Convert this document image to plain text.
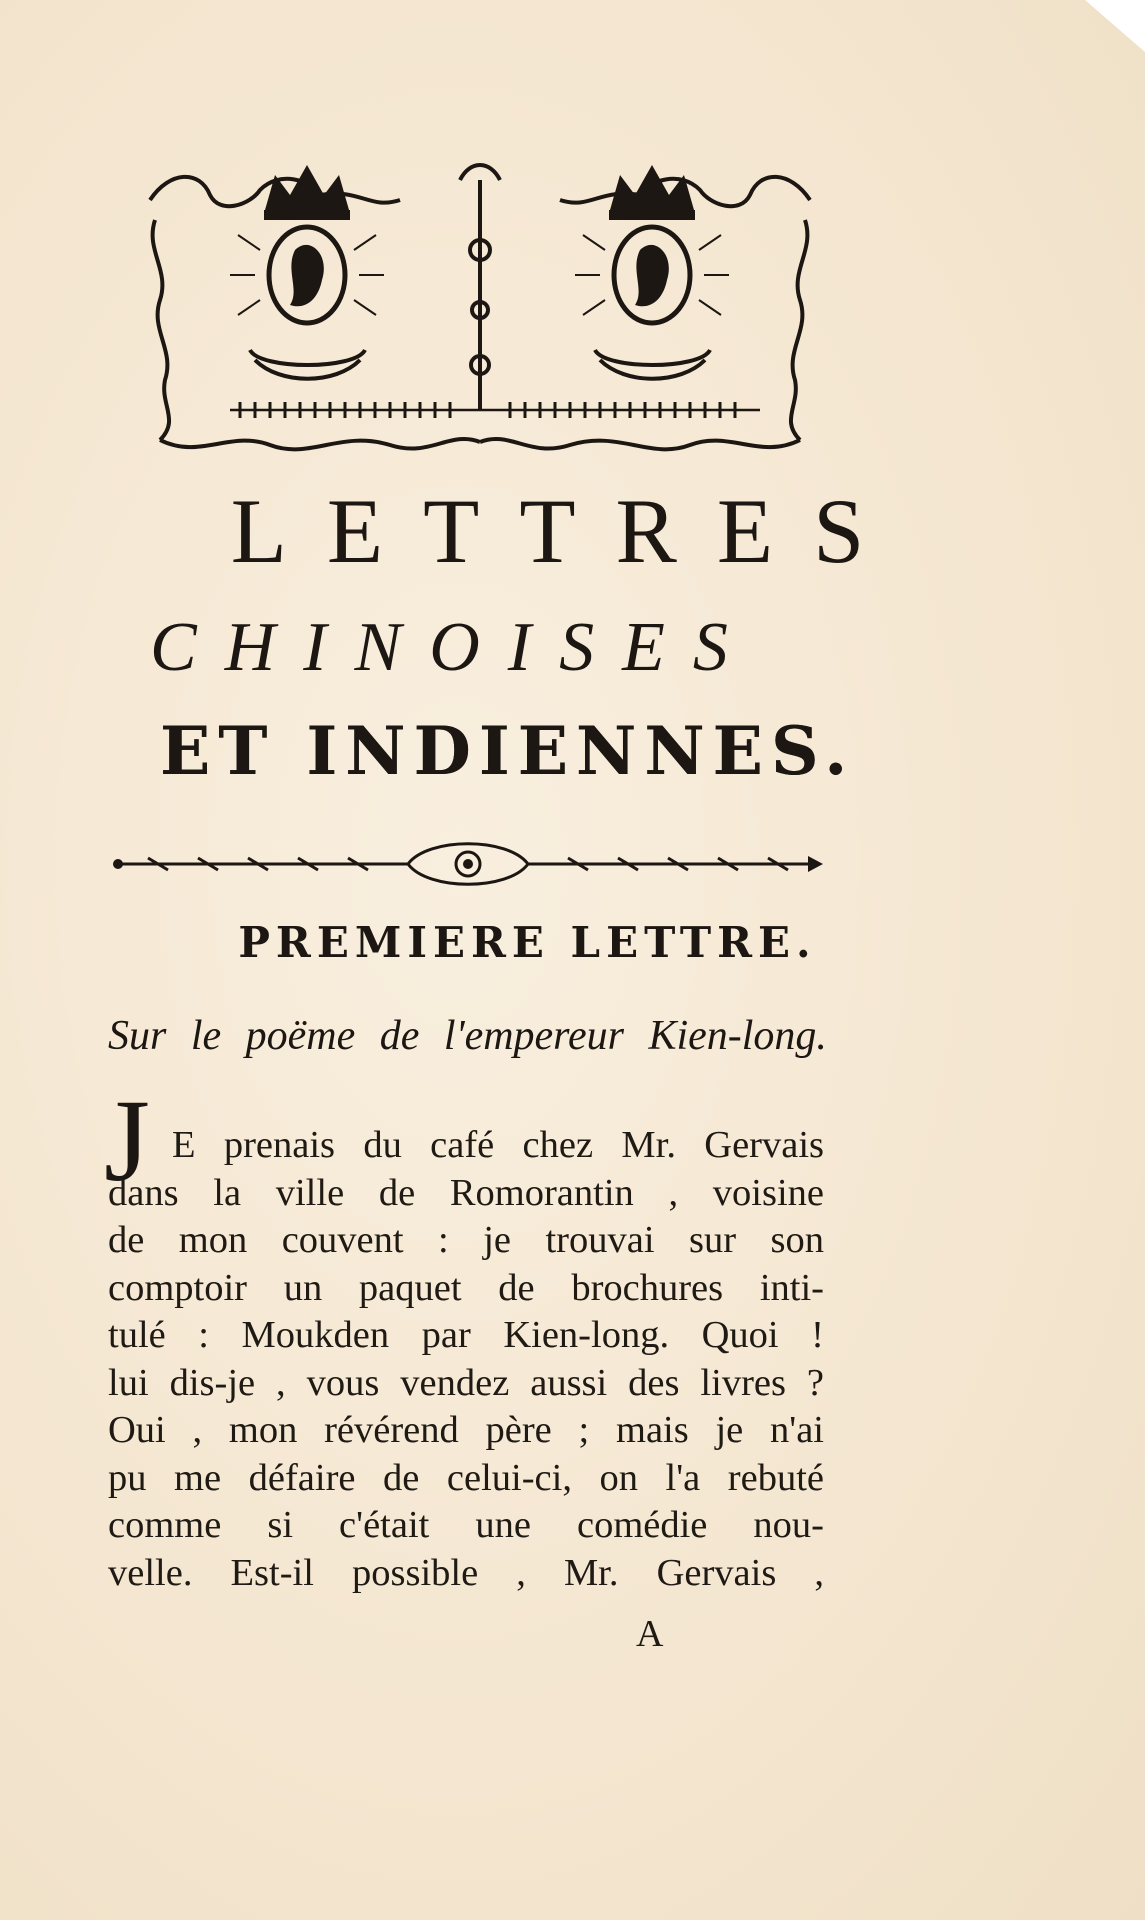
LETTRES
CHINOISES
ET INDIENNES.
PREMIERE LETTRE.
Sur le poëme de l'empereur Kien-long.
J E prenais du café chez Mr. Gervais
dans la ville de Romorantin , voisine
de mon couvent : je trouvai sur son
comptoir un paquet de brochures inti-
tulé : Moukden par Kien-long. Quoi !
lui dis-je , vous vendez aussi des livres ?
Oui , mon révérend père ; mais je n'ai
pu me défaire de celui-ci, on l'a rebuté
comme si c'était une comédie nou-
velle. Est-il possible , Mr. Gervais ,
A
